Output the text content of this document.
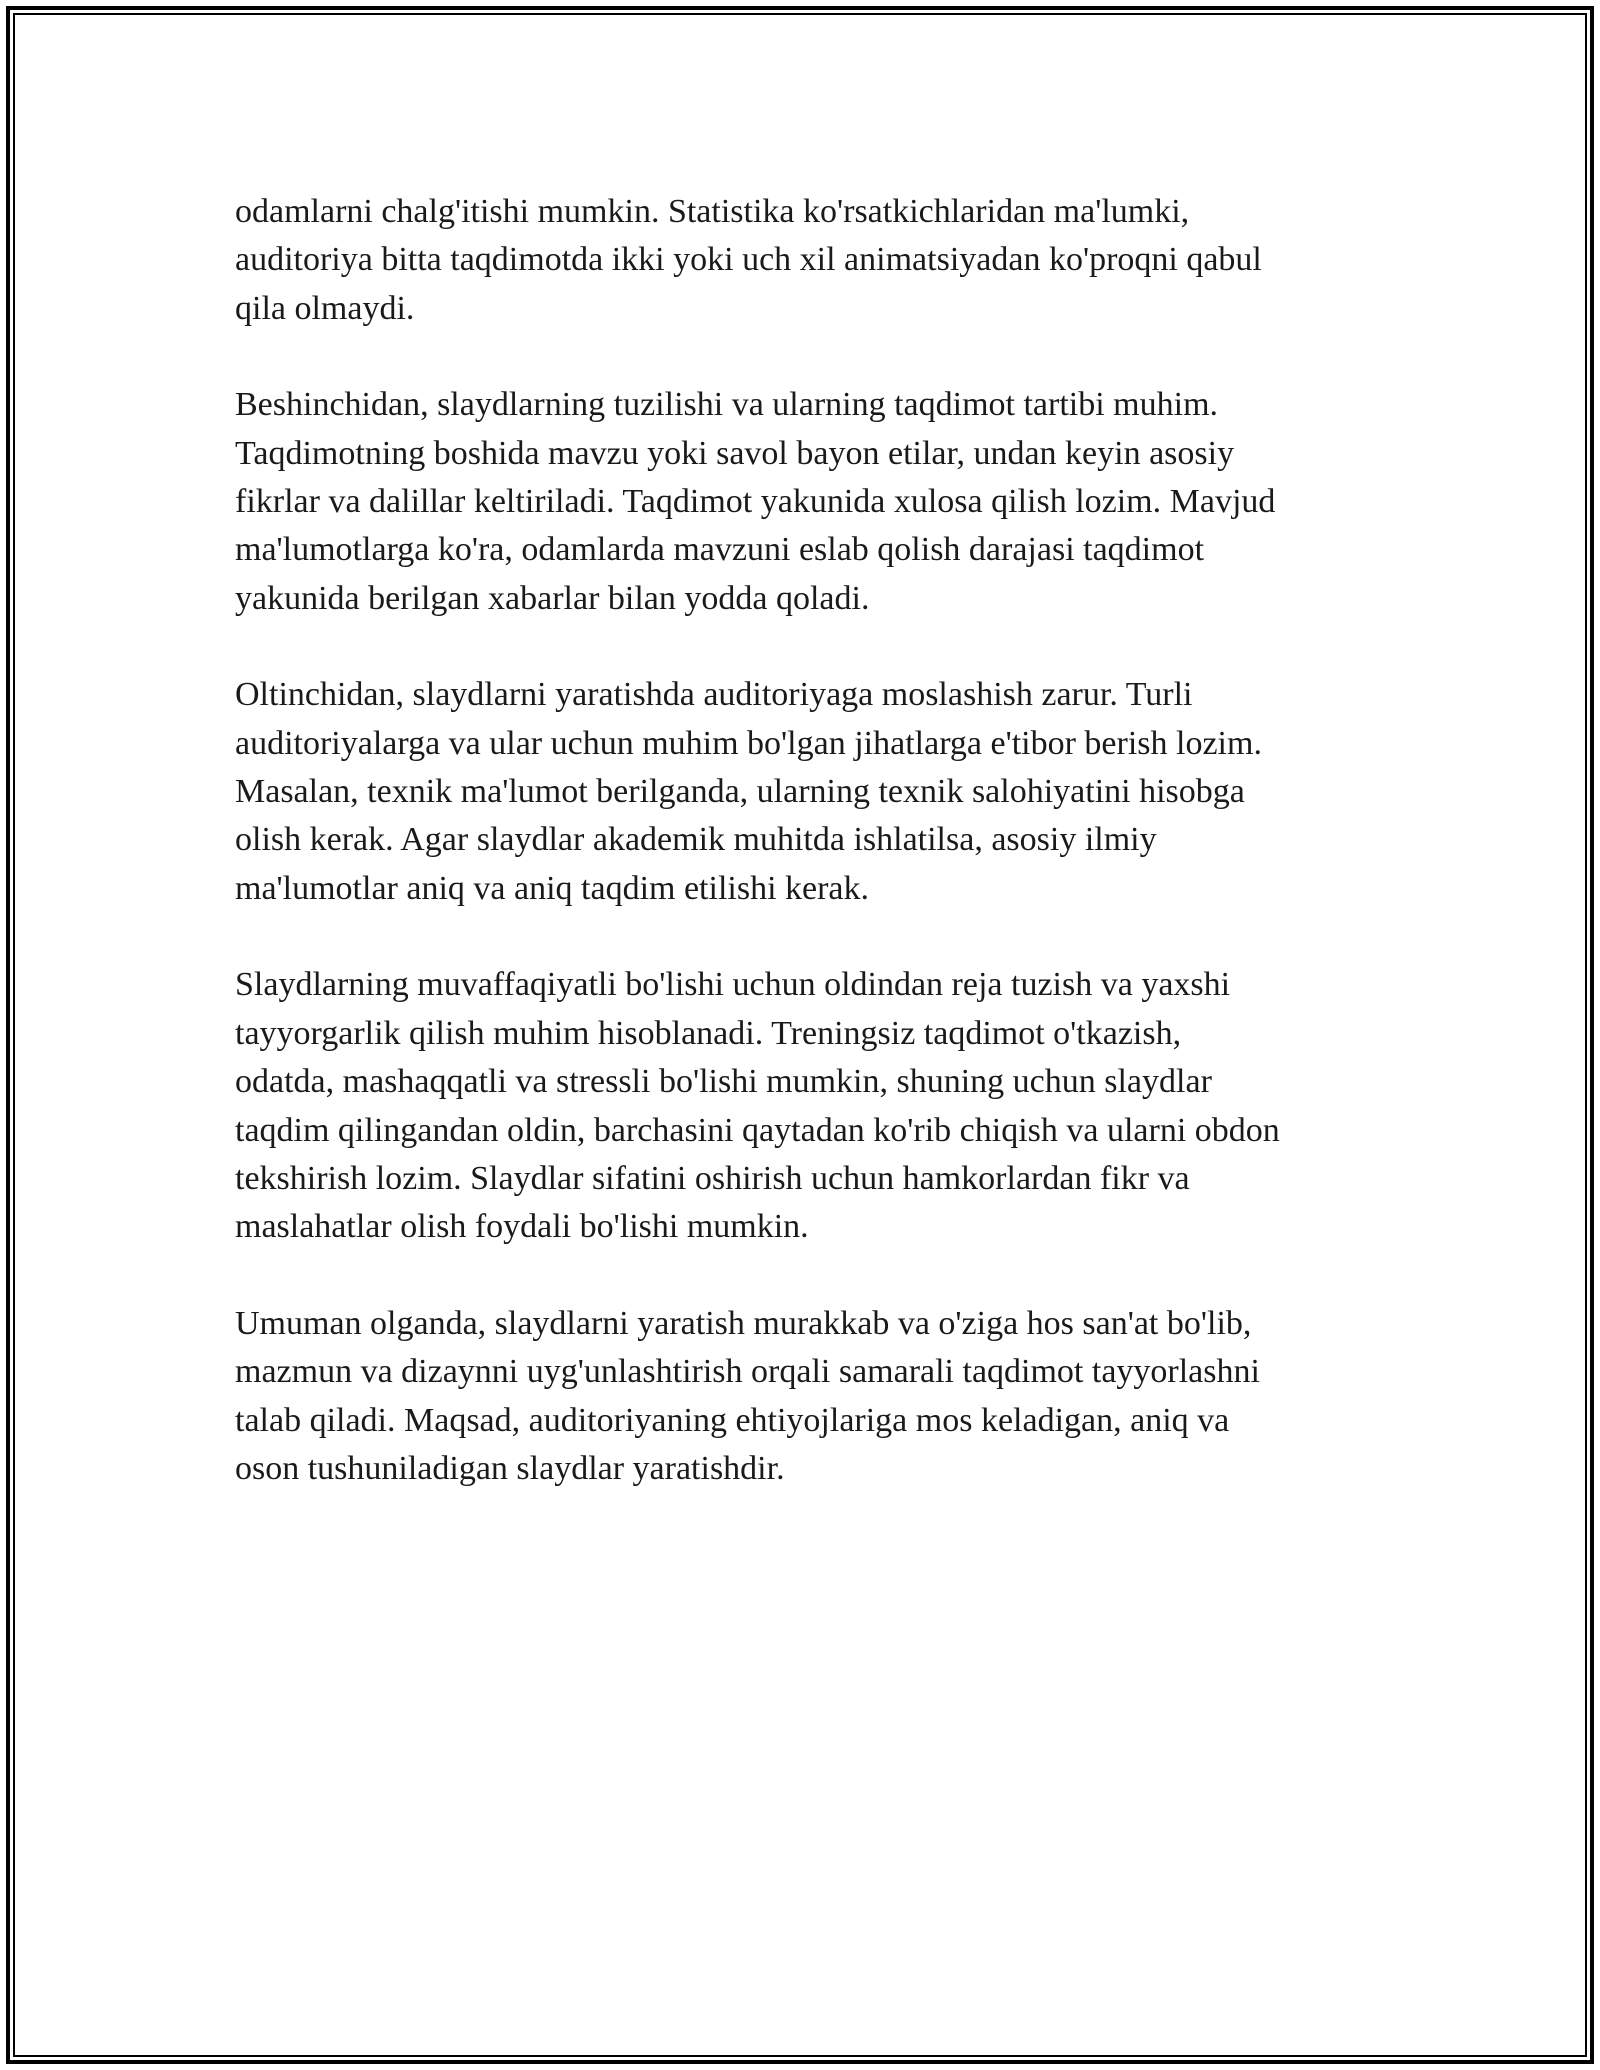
odamlarni chalg'itishi mumkin. Statistika ko'rsatkichlaridan ma'lumki,
auditoriya bitta taqdimotda ikki yoki uch xil animatsiyadan ko'proqni qabul
qila olmaydi.

Beshinchidan, slaydlarning tuzilishi va ularning taqdimot tartibi muhim.
Taqdimotning boshida mavzu yoki savol bayon etilar, undan keyin asosiy
fikrlar va dalillar keltiriladi. Taqdimot yakunida xulosa qilish lozim. Mavjud
ma'lumotlarga ko'ra, odamlarda mavzuni eslab qolish darajasi taqdimot
yakunida berilgan xabarlar bilan yodda qoladi.

Oltinchidan, slaydlarni yaratishda auditoriyaga moslashish zarur. Turli
auditoriyalarga va ular uchun muhim bo'lgan jihatlarga e'tibor berish lozim.
Masalan, texnik ma'lumot berilganda, ularning texnik salohiyatini hisobga
olish kerak. Agar slaydlar akademik muhitda ishlatilsa, asosiy ilmiy
ma'lumotlar aniq va aniq taqdim etilishi kerak.

Slaydlarning muvaffaqiyatli bo'lishi uchun oldindan reja tuzish va yaxshi
tayyorgarlik qilish muhim hisoblanadi. Treningsiz taqdimot o'tkazish,
odatda, mashaqqatli va stressli bo'lishi mumkin, shuning uchun slaydlar
taqdim qilingandan oldin, barchasini qaytadan ko'rib chiqish va ularni obdon
tekshirish lozim. Slaydlar sifatini oshirish uchun hamkorlardan fikr va
maslahatlar olish foydali bo'lishi mumkin.

Umuman olganda, slaydlarni yaratish murakkab va o'ziga hos san'at bo'lib,
mazmun va dizaynni uyg'unlashtirish orqali samarali taqdimot tayyorlashni
talab qiladi. Maqsad, auditoriyaning ehtiyojlariga mos keladigan, aniq va
oson tushuniladigan slaydlar yaratishdir.
